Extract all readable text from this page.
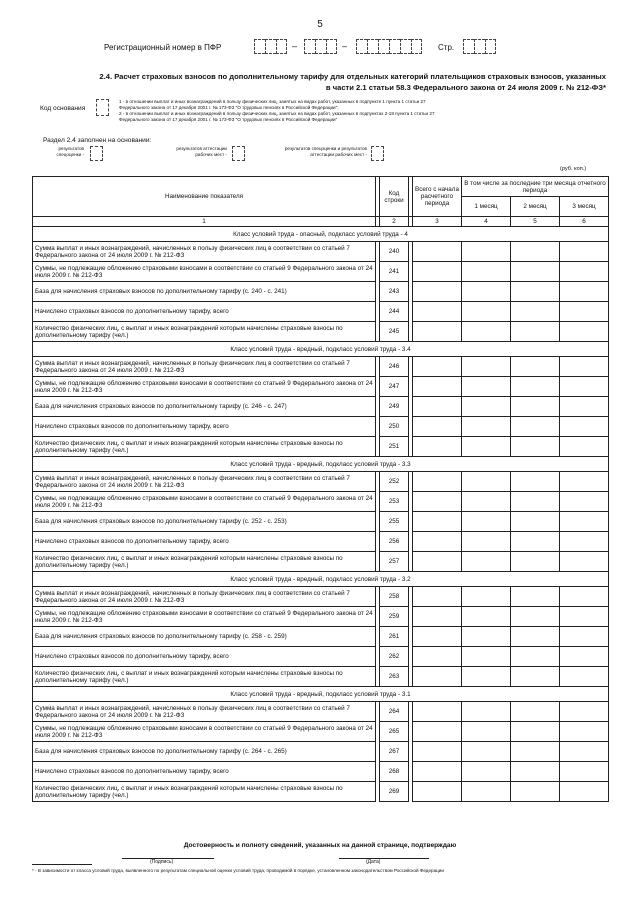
5
Регистрационный номер в ПФР	–	–	Стр.
2.4. Расчет страховых взносов по дополнительному тарифу для отдельных категорий плательщиков страховых взносов, указанных
в части 2.1 статьи 58.3 Федерального закона от 24 июля 2009 г. № 212-ФЗ*
Код основания
1 - в отношении выплат и иных вознаграждений в пользу физических лиц, занятых на видах работ, указанных в подпункте 1 пункта 1 статьи 27
Федерального закона от 17 декабря 2001 г. № 173-ФЗ "О трудовых пенсиях в Российской Федерации";
2 - в отношении выплат и иных вознаграждений в пользу физических лиц, занятых на видах работ, указанных в подпунктах 2-18 пункта 1 статьи 27
Федерального закона от 17 декабря 2001 г. № 173-ФЗ "О трудовых пенсиях в Российской Федерации"
Раздел 2.4 заполнен на основании:
результатов
спецоценки -
результатов аттестации
рабочих мест -
результатов спецоценки и результатов
аттестации рабочих мест -
(руб. коп.)
Наименование показателя		Код строки		Всего с начала расчетного периода	В том числе за последние три месяца отчетного периода		
					1 месяц	2 месяц	3 месяц
1		2		3	4	5	6
Класс условий труда - опасный, подкласс условий труда - 4							
Сумма выплат и иных вознаграждений, начисленных в пользу физических лиц в соответствии со статьей 7 Федерального закона от 24 июля 2009 г. № 212-ФЗ		240					
Суммы, не подлежащие обложению страховыми взносами в соответствии со статьей 9 Федерального закона от 24 июля 2009 г. № 212-ФЗ		241					
База для начисления страховых взносов по дополнительному тарифу (с. 240 - с. 241)		243					
Начислено страховых взносов по дополнительному тарифу, всего		244					
Количество физических лиц, с выплат и иных вознаграждений которым начислены страховые взносы по дополнительному тарифу (чел.)		245					
Класс условий труда - вредный, подкласс условий труда - 3.4							
Сумма выплат и иных вознаграждений, начисленных в пользу физических лиц в соответствии со статьей 7 Федерального закона от 24 июля 2009 г. № 212-ФЗ		246					
Суммы, не подлежащие обложению страховыми взносами в соответствии со статьей 9 Федерального закона от 24 июля 2009 г. № 212-ФЗ		247					
База для начисления страховых взносов по дополнительному тарифу (с. 246 - с. 247)		249					
Начислено страховых взносов по дополнительному тарифу, всего		250					
Количество физических лиц, с выплат и иных вознаграждений которым начислены страховые взносы по дополнительному тарифу (чел.)		251					
Класс условий труда - вредный, подкласс условий труда - 3.3							
Сумма выплат и иных вознаграждений, начисленных в пользу физических лиц в соответствии со статьей 7 Федерального закона от 24 июля 2009 г. № 212-ФЗ		252					
Суммы, не подлежащие обложению страховыми взносами в соответствии со статьей 9 Федерального закона от 24 июля 2009 г. № 212-ФЗ		253					
База для начисления страховых взносов по дополнительному тарифу (с. 252 - с. 253)		255					
Начислено страховых взносов по дополнительному тарифу, всего		256					
Количество физических лиц, с выплат и иных вознаграждений которым начислены страховые взносы по дополнительному тарифу (чел.)		257					
Класс условий труда - вредный, подкласс условий труда - 3.2							
Сумма выплат и иных вознаграждений, начисленных в пользу физических лиц в соответствии со статьей 7 Федерального закона от 24 июля 2009 г. № 212-ФЗ		258					
Суммы, не подлежащие обложению страховыми взносами в соответствии со статьей 9 Федерального закона от 24 июля 2009 г. № 212-ФЗ		259					
База для начисления страховых взносов по дополнительному тарифу (с. 258 - с. 259)		261					
Начислено страховых взносов по дополнительному тарифу, всего		262					
Количество физических лиц, с выплат и иных вознаграждений которым начислены страховые взносы по дополнительному тарифу (чел.)		263					
Класс условий труда - вредный, подкласс условий труда - 3.1							
Сумма выплат и иных вознаграждений, начисленных в пользу физических лиц в соответствии со статьей 7 Федерального закона от 24 июля 2009 г. № 212-ФЗ		264					
Суммы, не подлежащие обложению страховыми взносами в соответствии со статьей 9 Федерального закона от 24 июля 2009 г. № 212-ФЗ		265					
База для начисления страховых взносов по дополнительному тарифу (с. 264 - с. 265)		267					
Начислено страховых взносов по дополнительному тарифу, всего		268					
Количество физических лиц, с выплат и иных вознаграждений которым начислены страховые взносы по дополнительному тарифу (чел.)		269					
Достоверность и полноту сведений, указанных на данной странице, подтверждаю
(Подпись)	(Дата)
* - В зависимости от класса условий труда, выявленного по результатам специальной оценки условий труда, проводимой в порядке, установленном законодательством Российской Федерации
